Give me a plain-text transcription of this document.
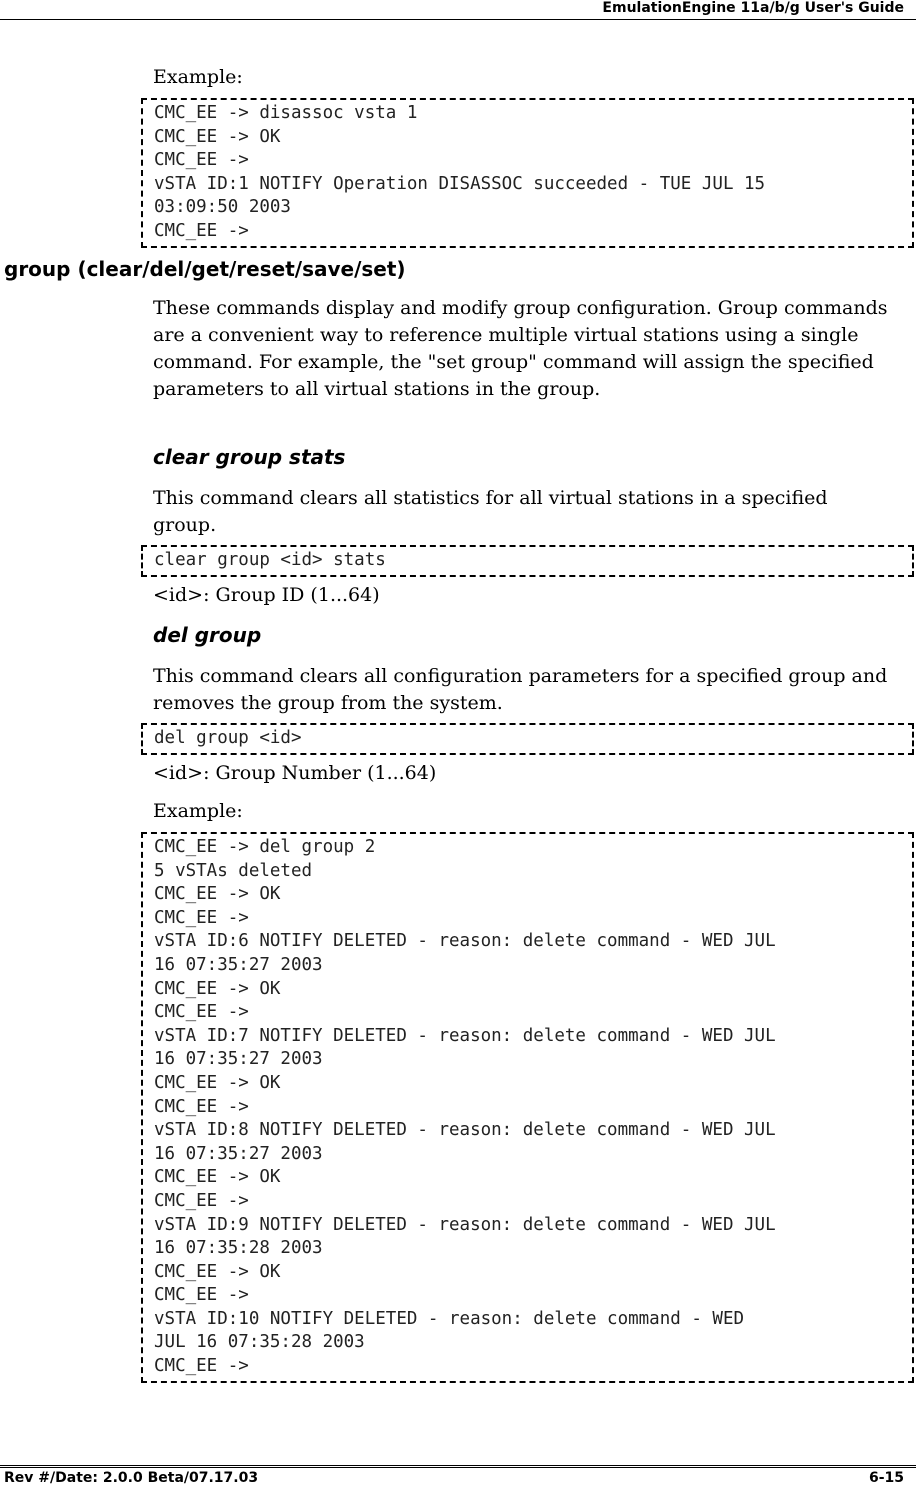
EmulationEngine 11a/b/g User's Guide

Example:

CMC_EE -> disassoc vsta 1
CMC_EE -> OK
CMC_EE ->
vSTA ID:1 NOTIFY Operation DISASSOC succeeded - TUE JUL 15
03:09:50 2003
CMC_EE ->
group (clear/del/get/reset/save/set)

These commands display and modify group configuration. Group commands are a convenient way to reference multiple virtual stations using a single command. For example, the "set group" command will assign the specified parameters to all virtual stations in the group.

clear group stats

This command clears all statistics for all virtual stations in a specified group.

clear group <id> stats

<id>: Group ID (1...64)

del group

This command clears all configuration parameters for a specified group and removes the group from the system.

del group <id>

<id>: Group Number (1...64)

Example:

CMC_EE -> del group 2
5 vSTAs deleted
CMC_EE -> OK
CMC_EE ->
vSTA ID:6 NOTIFY DELETED - reason: delete command - WED JUL
16 07:35:27 2003
CMC_EE -> OK
CMC_EE ->
vSTA ID:7 NOTIFY DELETED - reason: delete command - WED JUL
16 07:35:27 2003
CMC_EE -> OK
CMC_EE ->
vSTA ID:8 NOTIFY DELETED - reason: delete command - WED JUL
16 07:35:27 2003
CMC_EE -> OK
CMC_EE ->
vSTA ID:9 NOTIFY DELETED - reason: delete command - WED JUL
16 07:35:28 2003
CMC_EE -> OK
CMC_EE ->
vSTA ID:10 NOTIFY DELETED - reason: delete command - WED
JUL 16 07:35:28 2003
CMC_EE ->
Rev #/Date: 2.0.0 Beta/07.17.03	6-15
